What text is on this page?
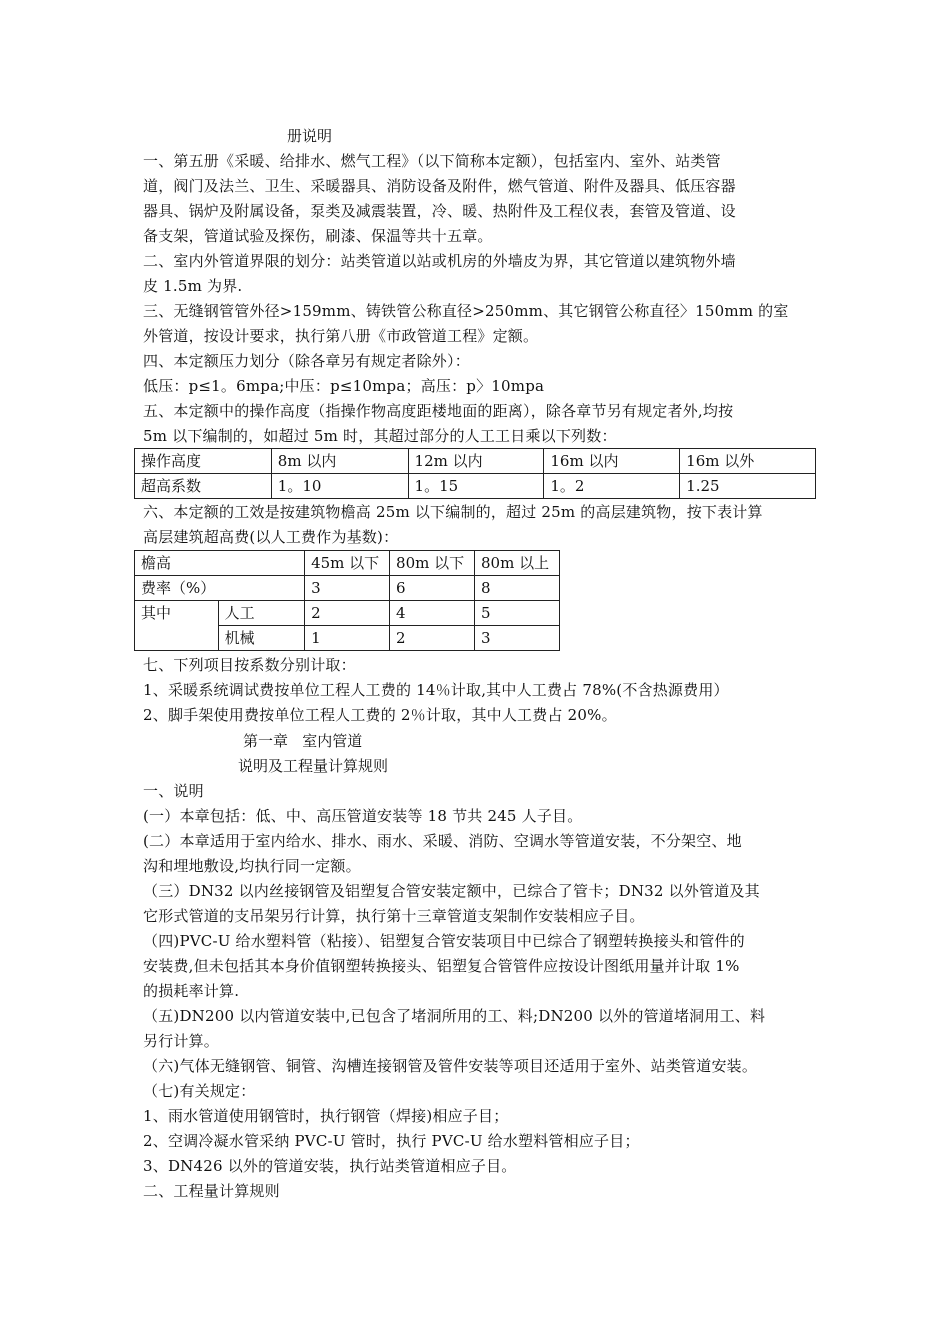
册说明
一、第五册《采暖、给排水、燃气工程》（以下简称本定额），包括室内、室外、站类管
道，阀门及法兰、卫生、采暖器具、消防设备及附件，燃气管道、附件及器具、低压容器
器具、锅炉及附属设备，泵类及减震装置，冷、暖、热附件及工程仪表，套管及管道、设
备支架，管道试验及探伤，刷漆、保温等共十五章。
二、室内外管道界限的划分：站类管道以站或机房的外墙皮为界，其它管道以建筑物外墙
皮 1.5m 为界.
三、无缝钢管管外径>159mm、铸铁管公称直径>250mm、其它钢管公称直径〉150mm 的室
外管道，按设计要求，执行第八册《市政管道工程》定额。
四、本定额压力划分（除各章另有规定者除外）：
低压：p≤1。6mpa;中压：p≤10mpa；高压：p〉10mpa
五、本定额中的操作高度（指操作物高度距楼地面的距离），除各章节另有规定者外,均按
5m 以下编制的，如超过 5m 时，其超过部分的人工工日乘以下列数：
操作高度	8m 以内	12m 以内	16m 以内	16m 以外
超高系数	1。10	1。15	1。2	1.25
六、本定额的工效是按建筑物檐高 25m 以下编制的，超过 25m 的高层建筑物，按下表计算
高层建筑超高费(以人工费作为基数)：
檐高		45m 以下	80m 以下	80m 以上
费率（%）		3	6	8
其中	人工	2	4	5
	机械	1	2	3
七、下列项目按系数分别计取：
1、采暖系统调试费按单位工程人工费的 14％计取,其中人工费占 78%(不含热源费用）
2、脚手架使用费按单位工程人工费的 2％计取，其中人工费占 20%。
第一章   室内管道
说明及工程量计算规则
一、说明
(一）本章包括：低、中、高压管道安装等 18 节共 245 人子目。
(二）本章适用于室内给水、排水、雨水、采暖、消防、空调水等管道安装，不分架空、地
沟和埋地敷设,均执行同一定额。
（三）DN32 以内丝接钢管及铝塑复合管安装定额中，已综合了管卡；DN32 以外管道及其
它形式管道的支吊架另行计算，执行第十三章管道支架制作安装相应子目。
（四)PVC-U 给水塑料管（粘接）、铝塑复合管安装项目中已综合了钢塑转换接头和管件的
安装费,但未包括其本身价值钢塑转换接头、铝塑复合管管件应按设计图纸用量并计取 1%
的损耗率计算.
（五)DN200 以内管道安装中,已包含了堵洞所用的工、料;DN200 以外的管道堵洞用工、料
另行计算。
（六)气体无缝钢管、铜管、沟槽连接钢管及管件安装等项目还适用于室外、站类管道安装。
（七)有关规定：
1、雨水管道使用钢管时，执行钢管（焊接)相应子目；
2、空调冷凝水管采纳 PVC-U 管时，执行 PVC-U 给水塑料管相应子目；
3、DN426 以外的管道安装，执行站类管道相应子目。
二、工程量计算规则
